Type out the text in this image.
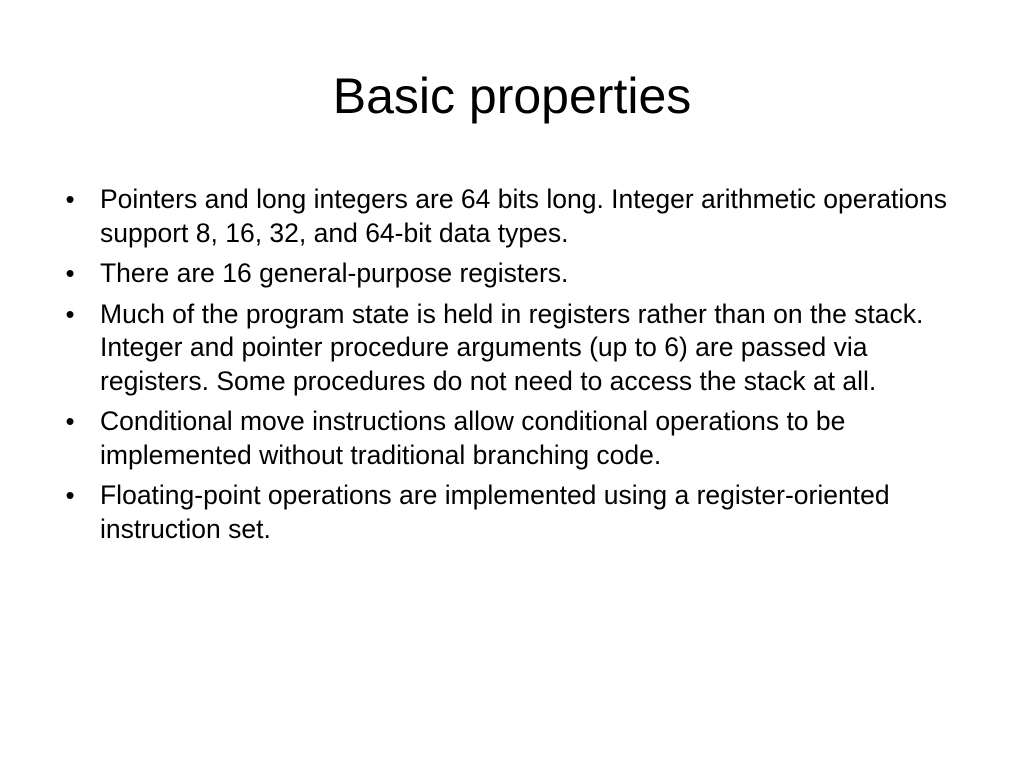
Basic properties
• Pointers and long integers are 64 bits long. Integer arithmetic operations support 8, 16, 32, and 64-bit data types.
• There are 16 general-purpose registers.
• Much of the program state is held in registers rather than on the stack. Integer and pointer procedure arguments (up to 6) are passed via registers. Some procedures do not need to access the stack at all.
• Conditional move instructions allow conditional operations to be implemented without traditional branching code.
• Floating-point operations are implemented using a register-oriented instruction set.
